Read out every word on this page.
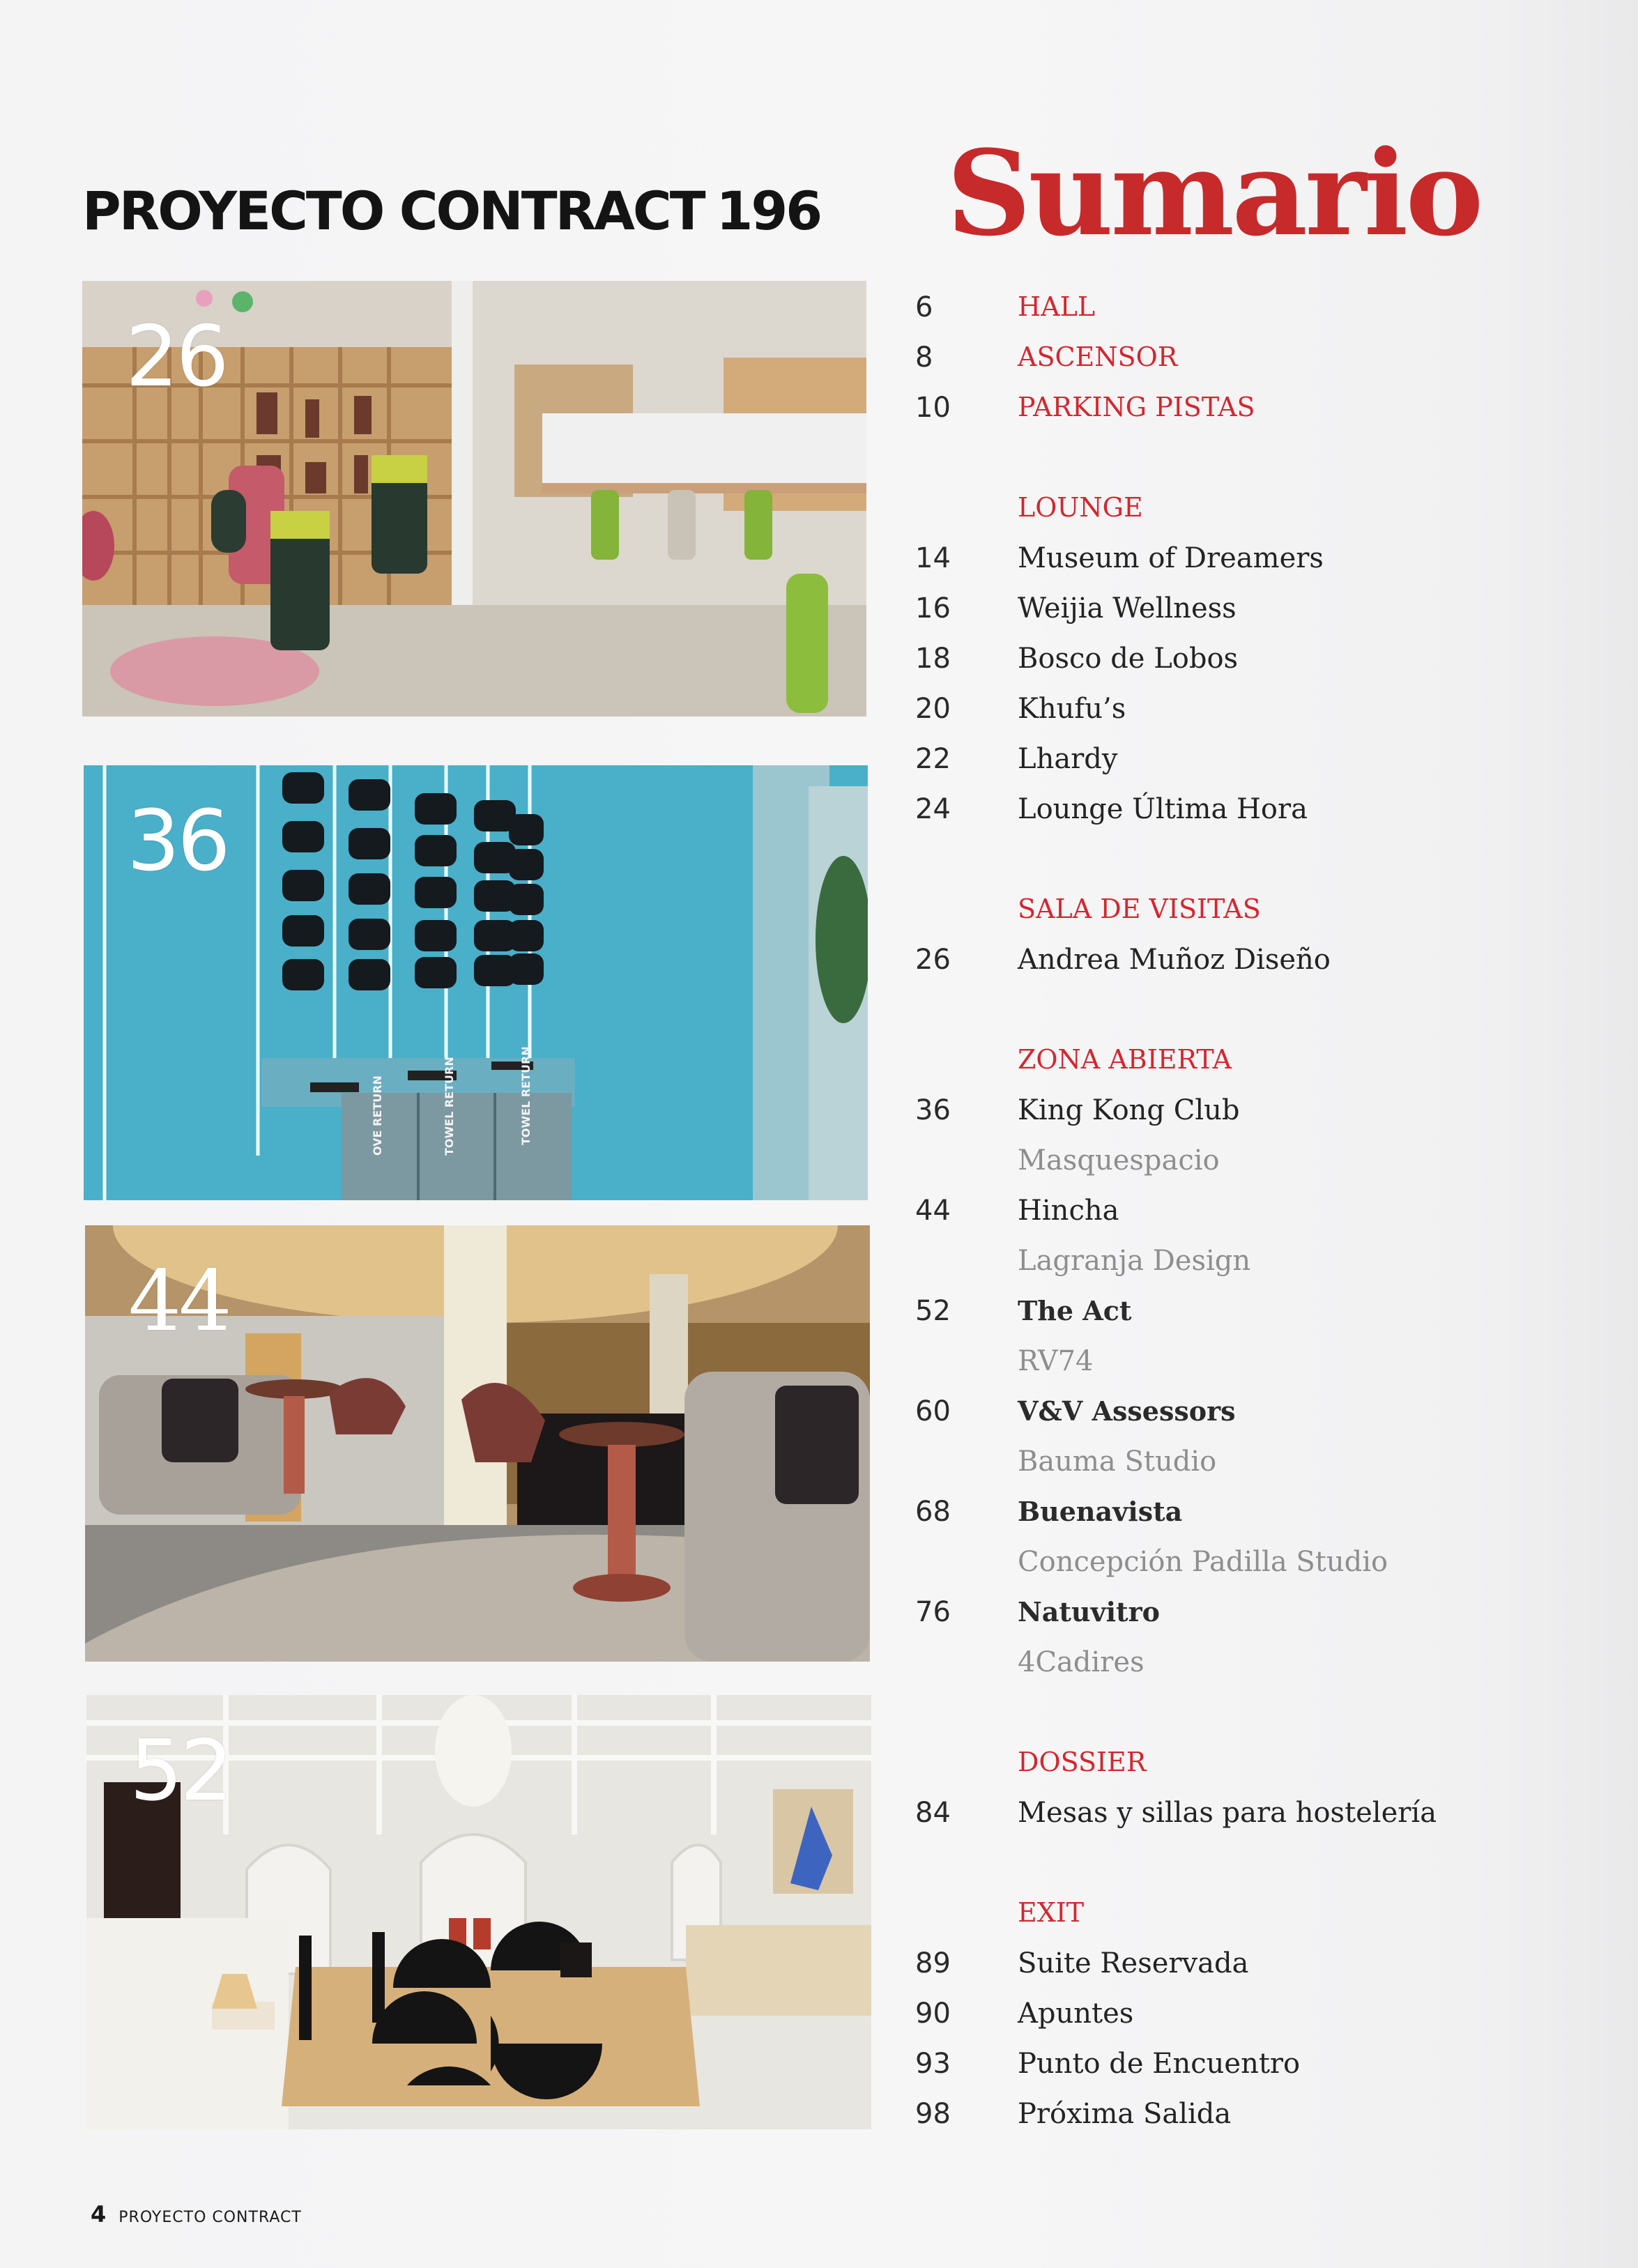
PROYECTO CONTRACT 196 Sumario
26
36
OVE RETURN	TOWEL RETURN	TOWEL RETURN
44
52
6	HALL
8	ASCENSOR
10	PARKING PISTAS
LOUNGE
14	Museum of Dreamers
16	Weijia Wellness
18	Bosco de Lobos
20	Khufu’s
22	Lhardy
24	Lounge Última Hora
SALA DE VISITAS
26	Andrea Muñoz Diseño
ZONA ABIERTA
36	King Kong Club
Masquespacio
44	Hincha
Lagranja Design
52	The Act
RV74
60	V&V Assessors
Bauma Studio
68	Buenavista
Concepción Padilla Studio
76	Natuvitro
4Cadires
DOSSIER
84	Mesas y sillas para hostelería
EXIT
89	Suite Reservada
90	Apuntes
93	Punto de Encuentro
98	Próxima Salida
4 PROYECTO CONTRACT
